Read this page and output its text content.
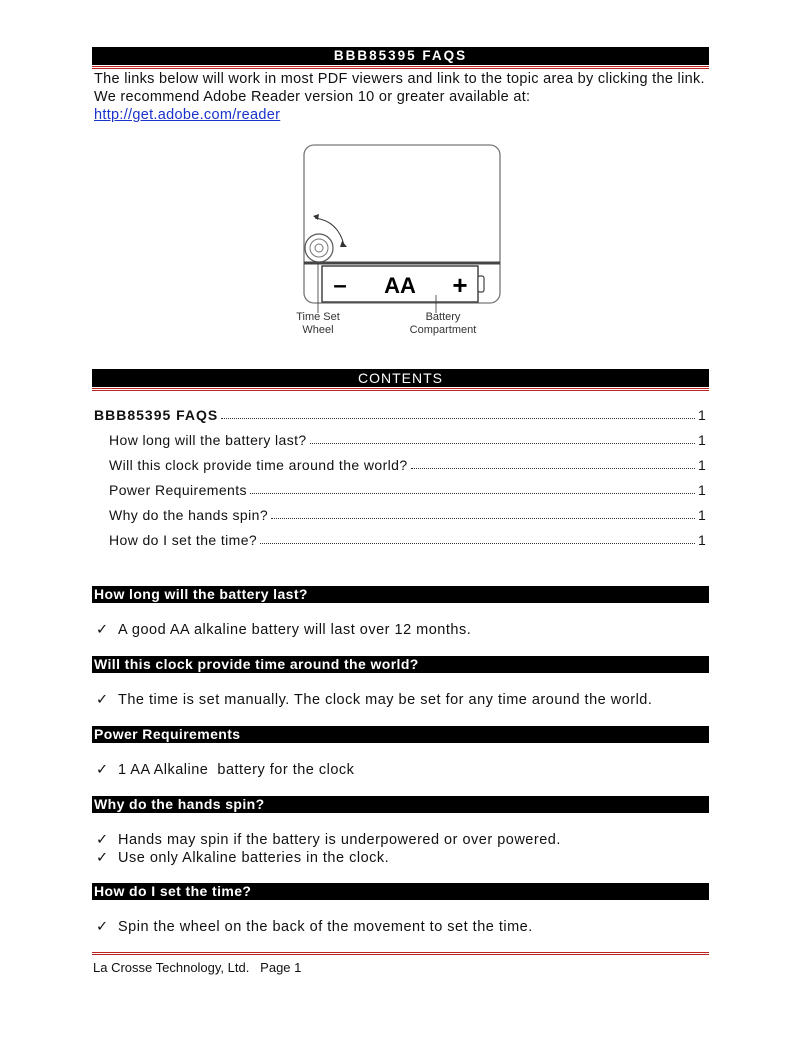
BBB85395 FAQS
The links below will work in most PDF viewers and link to the topic area by clicking the link. We recommend Adobe Reader version 10 or greater available at:
http://get.adobe.com/reader
– AA +
Time Set
Wheel
Battery
Compartment
CONTENTS
BBB85395 FAQS	1
How long will the battery last?	1
Will this clock provide time around the world?	1
Power Requirements	1
Why do the hands spin?	1
How do I set the time?	1
How long will the battery last?
✓ A good AA alkaline battery will last over 12 months.
Will this clock provide time around the world?
✓ The time is set manually. The clock may be set for any time around the world.
Power Requirements
✓ 1 AA Alkaline  battery for the clock
Why do the hands spin?
✓ Hands may spin if the battery is underpowered or over powered.
✓ Use only Alkaline batteries in the clock.
How do I set the time?
✓ Spin the wheel on the back of the movement to set the time.
La Crosse Technology, Ltd.   Page 1
